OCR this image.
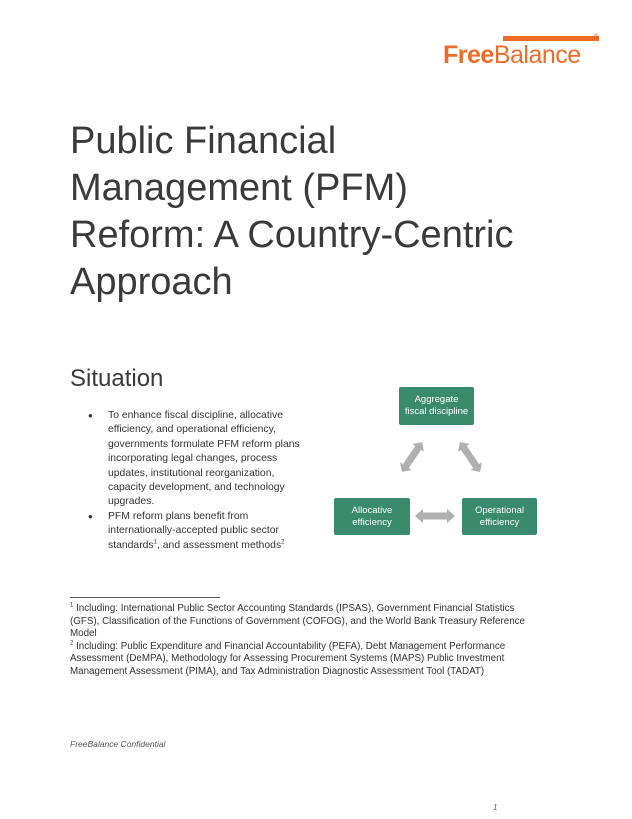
FreeBalance
®
Public Financial
Management (PFM)
Reform: A Country-Centric
Approach
Situation
● To enhance fiscal discipline, allocative efficiency, and operational efficiency, governments formulate PFM reform plans incorporating legal changes, process updates, institutional reorganization, capacity development, and technology upgrades.
● PFM reform plans benefit from internationally-accepted public sector standards$^1$, and assessment methods$^2$
Aggregate
fiscal discipline
Allocative
efficiency
Operational
efficiency

$^1$ Including: International Public Sector Accounting Standards (IPSAS), Government Financial Statistics (GFS), Classification of the Functions of Government (COFOG), and the World Bank Treasury Reference Model

$^2$ Including: Public Expenditure and Financial Accountability (PEFA), Debt Management Performance Assessment (DeMPA), Methodology for Assessing Procurement Systems (MAPS) Public Investment Management Assessment (PIMA), and Tax Administration Diagnostic Assessment Tool (TADAT)

FreeBalance Confidential
1
